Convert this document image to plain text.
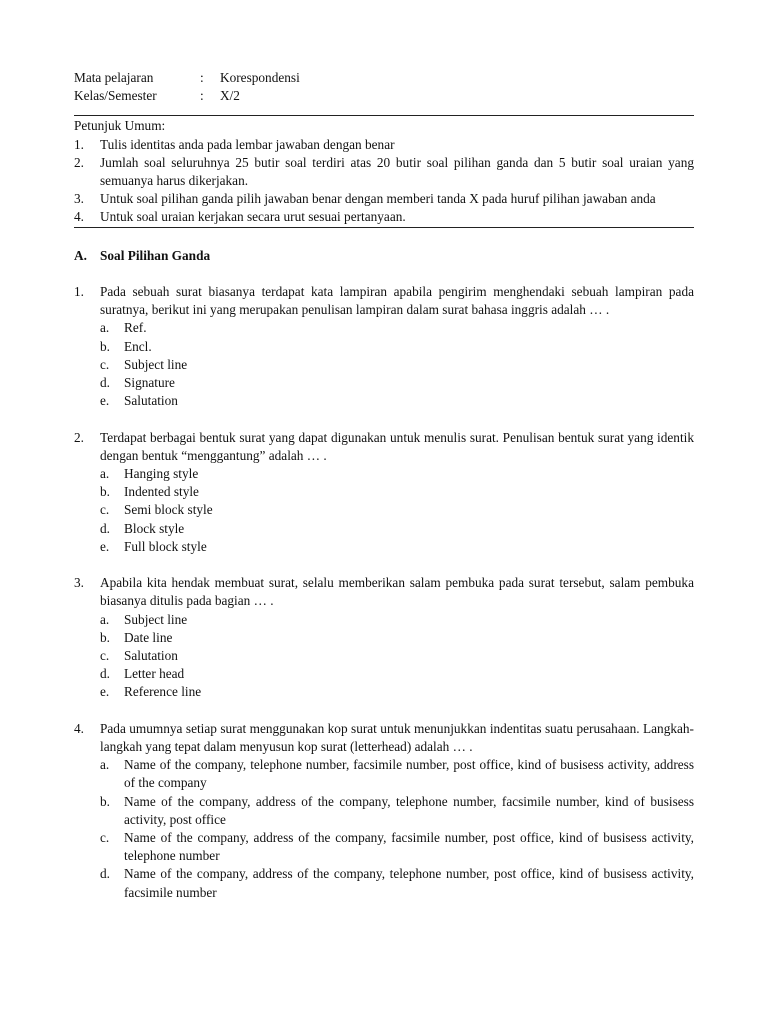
Mata pelajaran	:	Korespondensi
Kelas/Semester	:	X/2
Petunjuk Umum:
1.	Tulis identitas anda pada lembar jawaban dengan benar
2.	Jumlah soal seluruhnya 25 butir soal terdiri atas 20 butir soal pilihan ganda dan 5 butir soal uraian yang semuanya harus dikerjakan.
3.	Untuk soal pilihan ganda pilih jawaban benar dengan memberi tanda X pada huruf pilihan jawaban anda
4.	Untuk soal uraian kerjakan secara urut sesuai pertanyaan.
A. Soal Pilihan Ganda
1.	Pada sebuah surat biasanya terdapat kata lampiran apabila pengirim menghendaki sebuah lampiran pada suratnya, berikut ini yang merupakan penulisan lampiran dalam surat bahasa inggris adalah … .
a.	Ref.
b.	Encl.
c.	Subject line
d.	Signature
e.	Salutation
2.	Terdapat berbagai bentuk surat yang dapat digunakan untuk menulis surat. Penulisan bentuk surat yang identik dengan bentuk “menggantung” adalah … .
a.	Hanging style
b.	Indented style
c.	Semi block style
d.	Block style
e.	Full block style
3.	Apabila kita hendak membuat surat, selalu memberikan salam pembuka pada surat tersebut, salam pembuka biasanya ditulis pada bagian … .
a.	Subject line
b.	Date line
c.	Salutation
d.	Letter head
e.	Reference line
4.	Pada umumnya setiap surat menggunakan kop surat untuk menunjukkan indentitas suatu perusahaan. Langkah-langkah yang tepat dalam menyusun kop surat (letterhead) adalah … .
a.	Name of the company, telephone number, facsimile number, post office, kind of busisess activity, address of the company
b.	Name of the company, address of the company, telephone number, facsimile number, kind of busisess activity, post office
c.	Name of the company, address of the company, facsimile number, post office, kind of busisess activity, telephone number
d.	Name of the company, address of the company, telephone number, post office, kind of busisess activity, facsimile number
